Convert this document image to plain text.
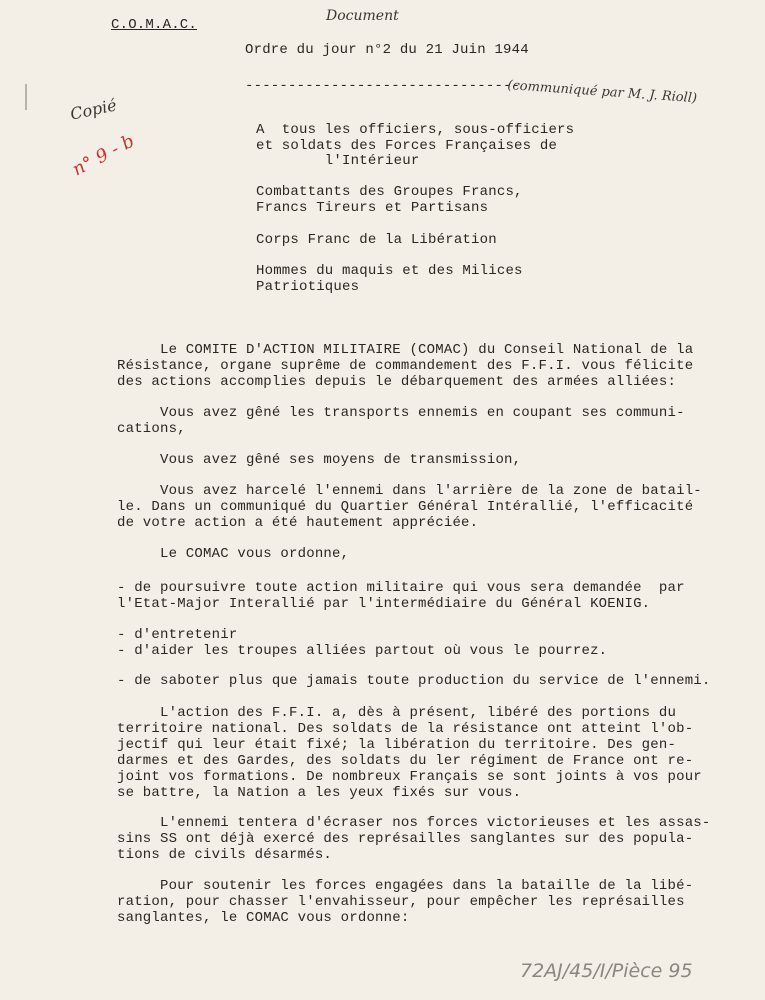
C.O.M.A.C.
Document
Ordre du jour n°2 du 21 Juin 1944
--------------------------------
(communiqué par M. J. Rioll)
Copié
n° 9 - b
A  tous les officiers, sous-officiers
et soldats des Forces Françaises de
l'Intérieur
Combattants des Groupes Francs,
Francs Tireurs et Partisans
Corps Franc de la Libération
Hommes du maquis et des Milices
Patriotiques
Le COMITE D'ACTION MILITAIRE (COMAC) du Conseil National de la
Résistance, organe suprême de commandement des F.F.I. vous félicite
des actions accomplies depuis le débarquement des armées alliées:
Vous avez gêné les transports ennemis en coupant ses communi-
cations,
Vous avez gêné ses moyens de transmission,
Vous avez harcelé l'ennemi dans l'arrière de la zone de batail-
le. Dans un communiqué du Quartier Général Intérallié, l'efficacité
de votre action a été hautement appréciée.
Le COMAC vous ordonne,
- de poursuivre toute action militaire qui vous sera demandée  par
l'Etat-Major Interallié par l'intermédiaire du Général KOENIG.
- d'entretenir
- d'aider les troupes alliées partout où vous le pourrez.
- de saboter plus que jamais toute production du service de l'ennemi.
L'action des F.F.I. a, dès à présent, libéré des portions du
territoire national. Des soldats de la résistance ont atteint l'ob-
jectif qui leur était fixé; la libération du territoire. Des gen-
darmes et des Gardes, des soldats du ler régiment de France ont re-
joint vos formations. De nombreux Français se sont joints à vos pour
se battre, la Nation a les yeux fixés sur vous.
L'ennemi tentera d'écraser nos forces victorieuses et les assas-
sins SS ont déjà exercé des représailles sanglantes sur des popula-
tions de civils désarmés.
Pour soutenir les forces engagées dans la bataille de la libé-
ration, pour chasser l'envahisseur, pour empêcher les représailles
sanglantes, le COMAC vous ordonne:
72AJ/45/I/Pièce 95
